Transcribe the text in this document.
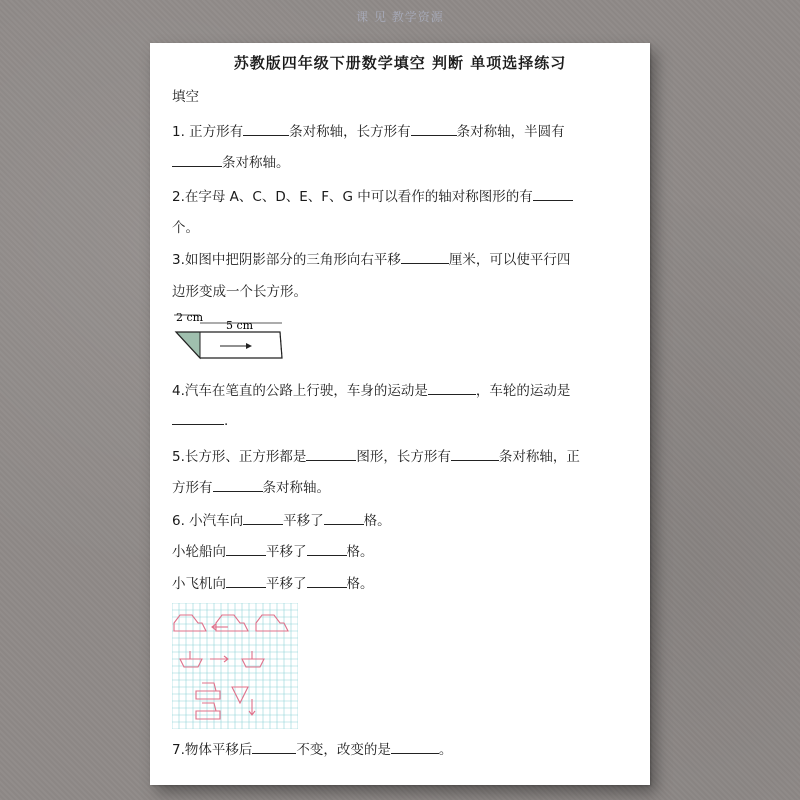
课 见 教学资源
苏教版四年级下册数学填空 判断 单项选择练习
填空
1. 正方形有	条对称轴，长方形有	条对称轴，半圆有
条对称轴。
2.在字母 A、C、D、E、F、G 中可以看作的轴对称图形的有
个。
3.如图中把阴影部分的三角形向右平移	厘米，可以使平行四
边形变成一个长方形。
2 cm
5 cm
4.汽车在笔直的公路上行驶，车身的运动是	，车轮的运动是
.
5.长方形、正方形都是	图形，长方形有	条对称轴，正
方形有	条对称轴。
6. 小汽车向	平移了	格。
小轮船向	平移了	格。
小飞机向	平移了	格。
7.物体平移后	不变，改变的是	。
